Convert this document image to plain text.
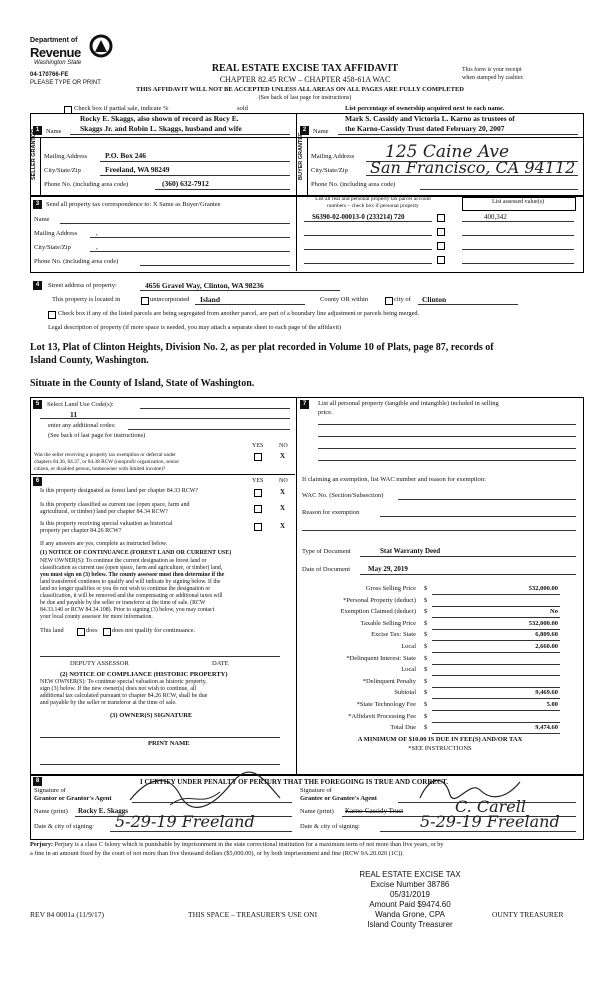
Department of
Revenue
Washington State
04-170766-FE
PLEASE TYPE OR PRINT
REAL ESTATE EXCISE TAX AFFIDAVIT
CHAPTER 82.45 RCW – CHAPTER 458-61A WAC
THIS AFFIDAVIT WILL NOT BE ACCEPTED UNLESS ALL AREAS ON ALL PAGES ARE FULLY COMPLETED
(See back of last page for instructions)
This form is your receipt
when stamped by cashier.
Check box if partial sale, indicate %	sold	List percentage of ownership acquired next to each name.
1	Name
Rocky E. Skaggs, also shown of record as Rocy E.
Skaggs Jr. and Robin L. Skaggs, husband and wife
SELLER GRANTOR Mailing Address P.O. Box 246
City/State/Zip	Freeland, WA 98249
Phone No. (including area code)	(360) 632-7912
2	Name
Mark S. Cassidy and Victoria L. Karno as trustees of
the Karno-Cassidy Trust dated February 20, 2007
BUYER GRANTEE Mailing Address 125 Caine Ave
City/State/Zip San Francisco, CA 94112
Phone No. (including area code)
3	Send all property tax correspondence to: X Same as Buyer/Grantee
Name
Mailing Address	,
City/State/Zip	,
Phone No. (including area code)
List all real and personal property tax parcel account
numbers – check box if personal property
List assessed value(s)
S6390-02-00013-0 (233214) 720	400,342
4	Street address of property:	4656 Gravel Way, Clinton, WA 98236
This property is located in	unincorporated Island	County OR within	city of Clinton
Check box if any of the listed parcels are being segregated from another parcel, are part of a boundary line adjustment or parcels being merged.
Legal description of property (if more space is needed, you may attach a separate sheet to each page of the affidavit)
Lot 13, Plat of Clinton Heights, Division No. 2, as per plat recorded in Volume 10 of Plats, page 87, records of
Island County, Washington.
Situate in the County of Island, State of Washington.
5	Select Land Use Code(s):
11
enter any additional codes:
(See back of last page for instructions)
YES	NO
Was the seller receiving a property tax exemption or deferral under
chapters 84.36, 84.37, or 84.38 RCW (nonprofit organization, senior
citizen, or disabled person, homeowner with limited income)?
X
6	YES	NO
Is this property designated as forest land per chapter 84.33 RCW?	X
Is this property classified as current use (open space, farm and
agricultural, or timber) land per chapter 84.34 RCW?	X
Is this property receiving special valuation as historical
property per chapter 84.26 RCW?
X
If any answers are yes, complete as instructed below.
(1) NOTICE OF CONTINUANCE (FOREST LAND OR CURRENT USE)
NEW OWNER(S): To continue the current designation as forest land or
classification as current use (open space, farm and agriculture, or timber) land,
you must sign on (3) below. The county assessor must then determine if the
land transferred continues to qualify and will indicate by signing below. If the
land no longer qualifies or you do not wish to continue the designation or
classification, it will be removed and the compensating or additional taxes will
be due and payable by the seller or transferor at the time of sale. (RCW
84.33.140 or RCW 84.34.108). Prior to signing (3) below, you may contact
your local county assessor for more information.
This land	does does not qualify for continuance.
DEPUTY ASSESSOR	DATE
(2) NOTICE OF COMPLIANCE (HISTORIC PROPERTY)
NEW OWNER(S): To continue special valuation as historic property,
sign (3) below. If the new owner(s) does not wish to continue, all
additional tax calculated pursuant to chapter 84.26 RCW, shall be due
and payable by the seller or transferor at the time of sale.
(3) OWNER(S) SIGNATURE
PRINT NAME
7	List all personal property (tangible and intangible) included in selling
price.
If claiming an exemption, list WAC number and reason for exemption:
WAC No. (Section/Subsection)
Reason for exemption
Type of Document	Stat Warranty Deed
Date of Document	May 29, 2019
Gross Selling Price $	532,000.00
*Personal Property (deduct) $
Exemption Claimed (deduct) $	No
Taxable Selling Price $	532,000.00
Excise Tax: State $	6,809.60
Local $	2,660.00
*Delinquent Interest: State $
Local $
*Delinquent Penalty $
Subtotal $	9,469.60
*State Technology Fee $	5.00
*Affidavit Processing Fee $
Total Due $	9,474.60
A MINIMUM OF $10.00 IS DUE IN FEE(S) AND/OR TAX
*SEE INSTRUCTIONS
8	I CERTIFY UNDER PENALTY OF PERJURY THAT THE FOREGOING IS TRUE AND CORRECT.
Signature of
Grantor or Grantor's Agent
Name (print) Rocky E. Skaggs
Date & city of signing: 5-29-19 Freeland
Signature of
Grantee or Grantee's Agent
Name (print) Karno-Cassidy Trust	C. Carell
Date & city of signing:	5-29-19 Freeland
Perjury: Perjury is a class C felony which is punishable by imprisonment in the state correctional institution for a maximum term of not more than five years, or by
a fine in an amount fixed by the court of not more than five thousand dollars ($5,000.00), or by both imprisonment and fine (RCW 9A.20.020 (1C)).
REAL ESTATE EXCISE TAX
Excise Number 38786
05/31/2019
Amount Paid $9474.60
Wanda Grone, CPA
Island County Treasurer
REV 84 0001a (11/9/17)	THIS SPACE – TREASURER'S USE ONI	OUNTY TREASURER
